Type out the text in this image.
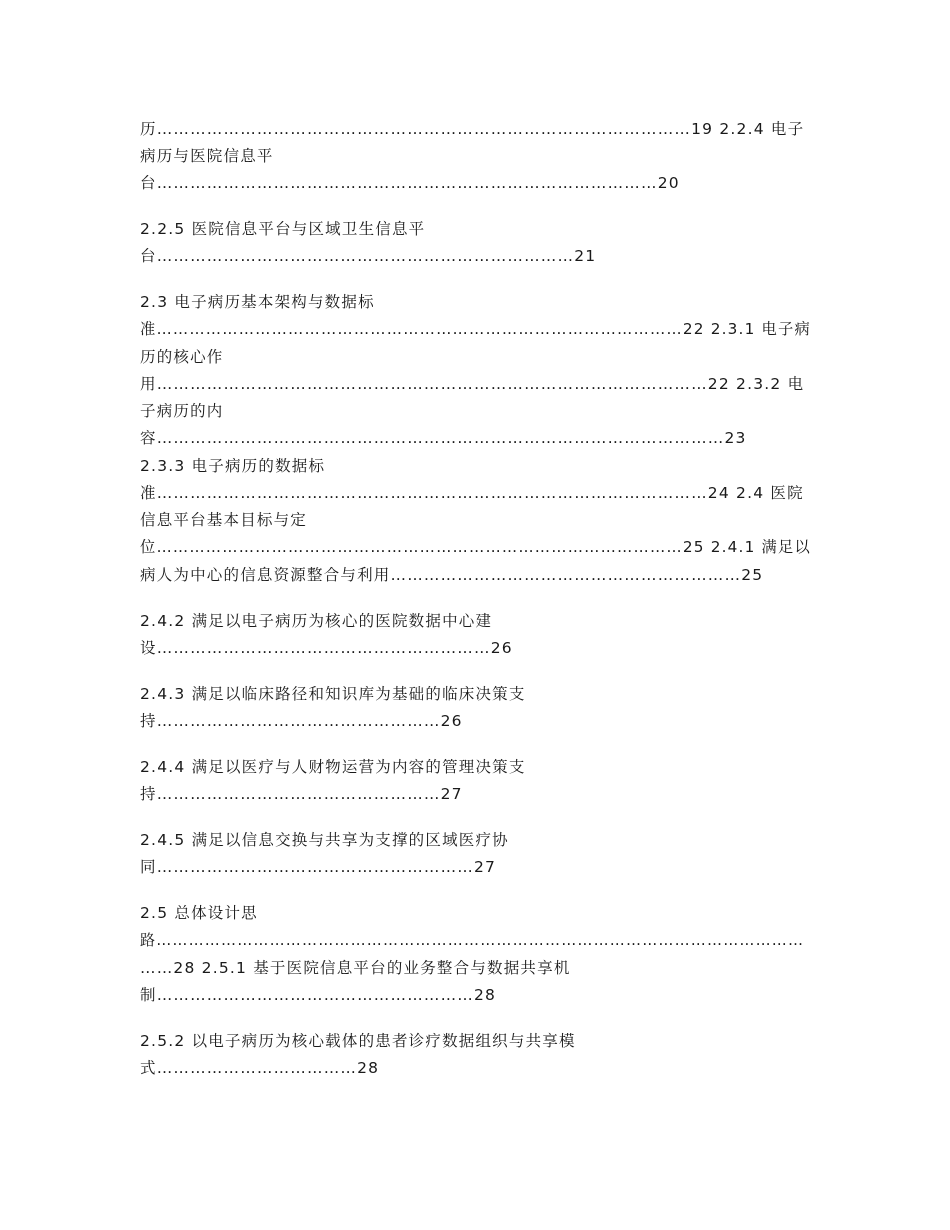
历……………………………………………………………………………………19 2.2.4 电子
病历与医院信息平
台………………………………………………………………………………20
2.2.5 医院信息平台与区域卫生信息平
台…………………………………………………………………21
2.3 电子病历基本架构与数据标
准……………………………………………………………………………………22 2.3.1 电子病
历的核心作
用………………………………………………………………………………………22 2.3.2 电
子病历的内
容…………………………………………………………………………………………23
2.3.3 电子病历的数据标
准………………………………………………………………………………………24 2.4 医院
信息平台基本目标与定
位……………………………………………………………………………………25 2.4.1 满足以
病人为中心的信息资源整合与利用………………………………………………………25
2.4.2 满足以电子病历为核心的医院数据中心建
设……………………………………………………26
2.4.3 满足以临床路径和知识库为基础的临床决策支
持……………………………………………26
2.4.4 满足以医疗与人财物运营为内容的管理决策支
持……………………………………………27
2.4.5 满足以信息交换与共享为支撑的区域医疗协
同…………………………………………………27
2.5 总体设计思
路…………………………………………………………………………………………………………
……28 2.5.1 基于医院信息平台的业务整合与数据共享机
制…………………………………………………28
2.5.2 以电子病历为核心载体的患者诊疗数据组织与共享模
式………………………………28
